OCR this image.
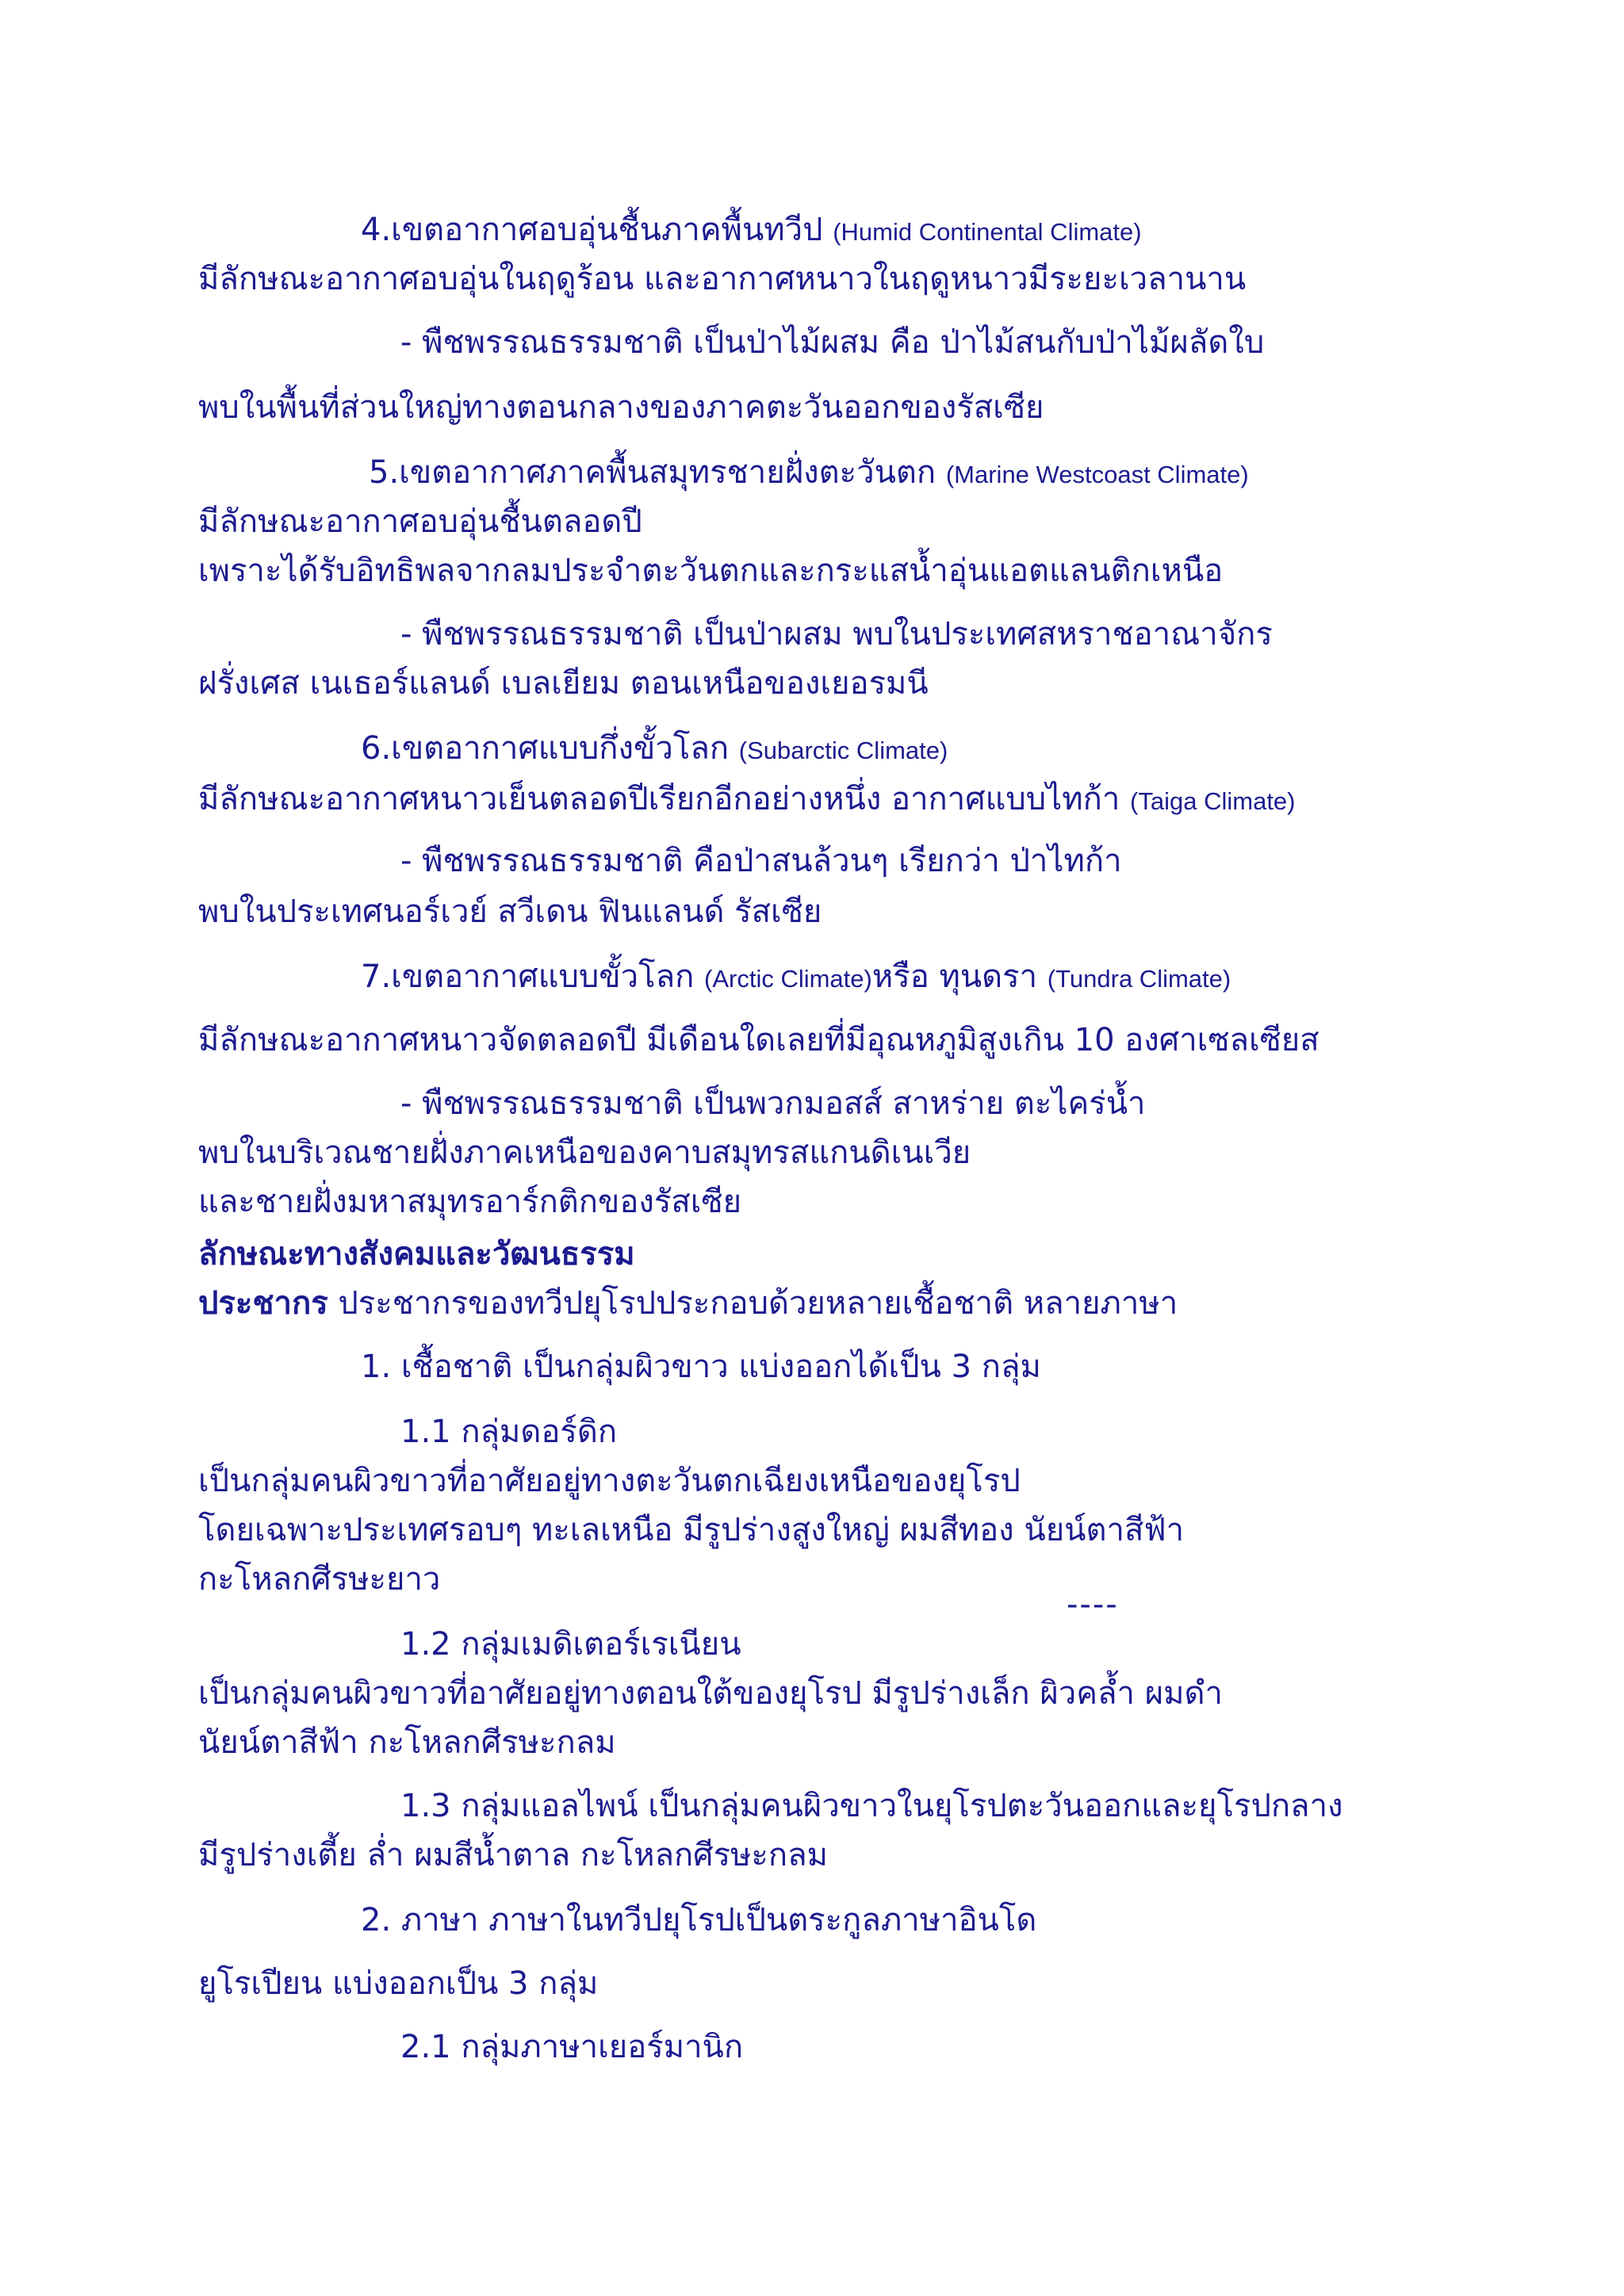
4.เขตอากาศอบอุ่นชื้นภาคพื้นทวีป (Humid Continental Climate)
มีลักษณะอากาศอบอุ่นในฤดูร้อน และอากาศหนาวในฤดูหนาวมีระยะเวลานาน
- พืชพรรณธรรมชาติ เป็นป่าไม้ผสม คือ ป่าไม้สนกับป่าไม้ผลัดใบ
พบในพื้นที่ส่วนใหญ่ทางตอนกลางของภาคตะวันออกของรัสเซีย
5.เขตอากาศภาคพื้นสมุทรชายฝั่งตะวันตก (Marine Westcoast Climate)
มีลักษณะอากาศอบอุ่นชื้นตลอดปี
เพราะได้รับอิทธิพลจากลมประจำตะวันตกและกระแสน้ำอุ่นแอตแลนติกเหนือ
- พืชพรรณธรรมชาติ เป็นป่าผสม พบในประเทศสหราชอาณาจักร
ฝรั่งเศส เนเธอร์แลนด์ เบลเยียม ตอนเหนือของเยอรมนี
6.เขตอากาศแบบกึ่งขั้วโลก (Subarctic Climate)
มีลักษณะอากาศหนาวเย็นตลอดปีเรียกอีกอย่างหนึ่ง อากาศแบบไทก้า (Taiga Climate)
- พืชพรรณธรรมชาติ คือป่าสนล้วนๆ เรียกว่า ป่าไทก้า
พบในประเทศนอร์เวย์ สวีเดน ฟินแลนด์ รัสเซีย
7.เขตอากาศแบบขั้วโลก (Arctic Climate)หรือ ทุนดรา (Tundra Climate)
มีลักษณะอากาศหนาวจัดตลอดปี มีเดือนใดเลยที่มีอุณหภูมิสูงเกิน 10 องศาเซลเซียส
- พืชพรรณธรรมชาติ เป็นพวกมอสส์ สาหร่าย ตะไคร่น้ำ
พบในบริเวณชายฝั่งภาคเหนือของคาบสมุทรสแกนดิเนเวีย
และชายฝั่งมหาสมุทรอาร์กติกของรัสเซีย
ลักษณะทางสังคมและวัฒนธรรม
ประชากร ประชากรของทวีปยุโรปประกอบด้วยหลายเชื้อชาติ หลายภาษา
1. เชื้อชาติ เป็นกลุ่มผิวขาว แบ่งออกได้เป็น 3 กลุ่ม
1.1 กลุ่มดอร์ดิก
เป็นกลุ่มคนผิวขาวที่อาศัยอยู่ทางตะวันตกเฉียงเหนือของยุโรป
โดยเฉพาะประเทศรอบๆ ทะเลเหนือ มีรูปร่างสูงใหญ่ ผมสีทอง นัยน์ตาสีฟ้า
กะโหลกศีรษะยาว
----
1.2 กลุ่มเมดิเตอร์เรเนียน
เป็นกลุ่มคนผิวขาวที่อาศัยอยู่ทางตอนใต้ของยุโรป มีรูปร่างเล็ก ผิวคล้ำ ผมดำ
นัยน์ตาสีฟ้า กะโหลกศีรษะกลม
1.3 กลุ่มแอลไพน์ เป็นกลุ่มคนผิวขาวในยุโรปตะวันออกและยุโรปกลาง
มีรูปร่างเตี้ย ล่ำ ผมสีน้ำตาล กะโหลกศีรษะกลม
2. ภาษา ภาษาในทวีปยุโรปเป็นตระกูลภาษาอินโด
ยูโรเปียน แบ่งออกเป็น 3 กลุ่ม
2.1 กลุ่มภาษาเยอร์มานิก
